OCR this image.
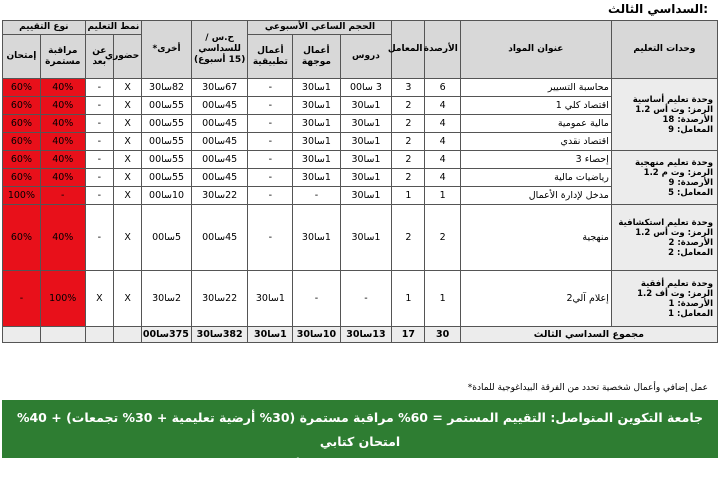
السداسي الثالث:
وحدات التعليم	عنوان المواد	الأرصدة	المعامل	الحجم الساعي الأسبوعي			ح.س / للسداسي (15 أسبوع)	أخرى*	نمط التعليم		نوع التقييم	
				دروس	أعمال موجهة	أعمال تطبيقية			حضوري	عن بعد	مراقبة مستمرة	إمتحان

وحدة تعليم أساسية
الرمز: وت أس 1.2
الأرصدة: 18
المعامل: 9	محاسبة التسيير	6	3	3 سا00	1سا30	-	67سا30	82سا30	X	-	40%	60%
	اقتصاد كلي 1	4	2	1سا30	1سا30	-	45سا00	55سا00	X	-	40%	60%
	مالية عمومية	4	2	1سا30	1سا30	-	45سا00	55سا00	X	-	40%	60%
	اقتصاد نقدي	4	2	1سا30	1سا30	-	45سا00	55سا00	X	-	40%	60%

وحدة تعليم منهجية
الرمز: وت م 1.2
الأرصدة: 9
المعامل: 5	إحصاء 3	4	2	1سا30	1سا30	-	45سا00	55سا00	X	-	40%	60%
	رياضيات مالية	4	2	1سا30	1سا30	-	45سا00	55سا00	X	-	40%	60%
	مدخل لإدارة الأعمال	1	1	1سا30	-	-	22سا30	10سا00	X	-	-	100%

وحدة تعليم استكشافية
الرمز: وت أس 1.2
الأرصدة: 2
المعامل: 2	منهجية	2	2	1سا30	1سا30	-	45سا00	5سا00	X	-	40%	60%

وحدة تعليم أفقية
الرمز: وت أف 1.2
الأرصدة: 1
المعامل: 1	إعلام آلي2	1	1	-	-	1سا30	22سا30	2سا30	X	X	100%	-
مجموع السداسي الثالث		30	17	13سا30	10سا30	1سا30	382سا30	375سا00				
*عمل إضافي وأعمال شخصية تحدد من الفرقة البيداغوجية للمادة
جامعة التكوين المتواصل: التقييم المستمر = 60% مراقبة مستمرة (30% أرضية تعليمية + 30% تجمعات) + 40% امتحان كتابي
المواد غير الأساسية وغير التقنية 60% مراقبة مستمرة (أرضية تعليمية) + 40% امتحان كتابي
